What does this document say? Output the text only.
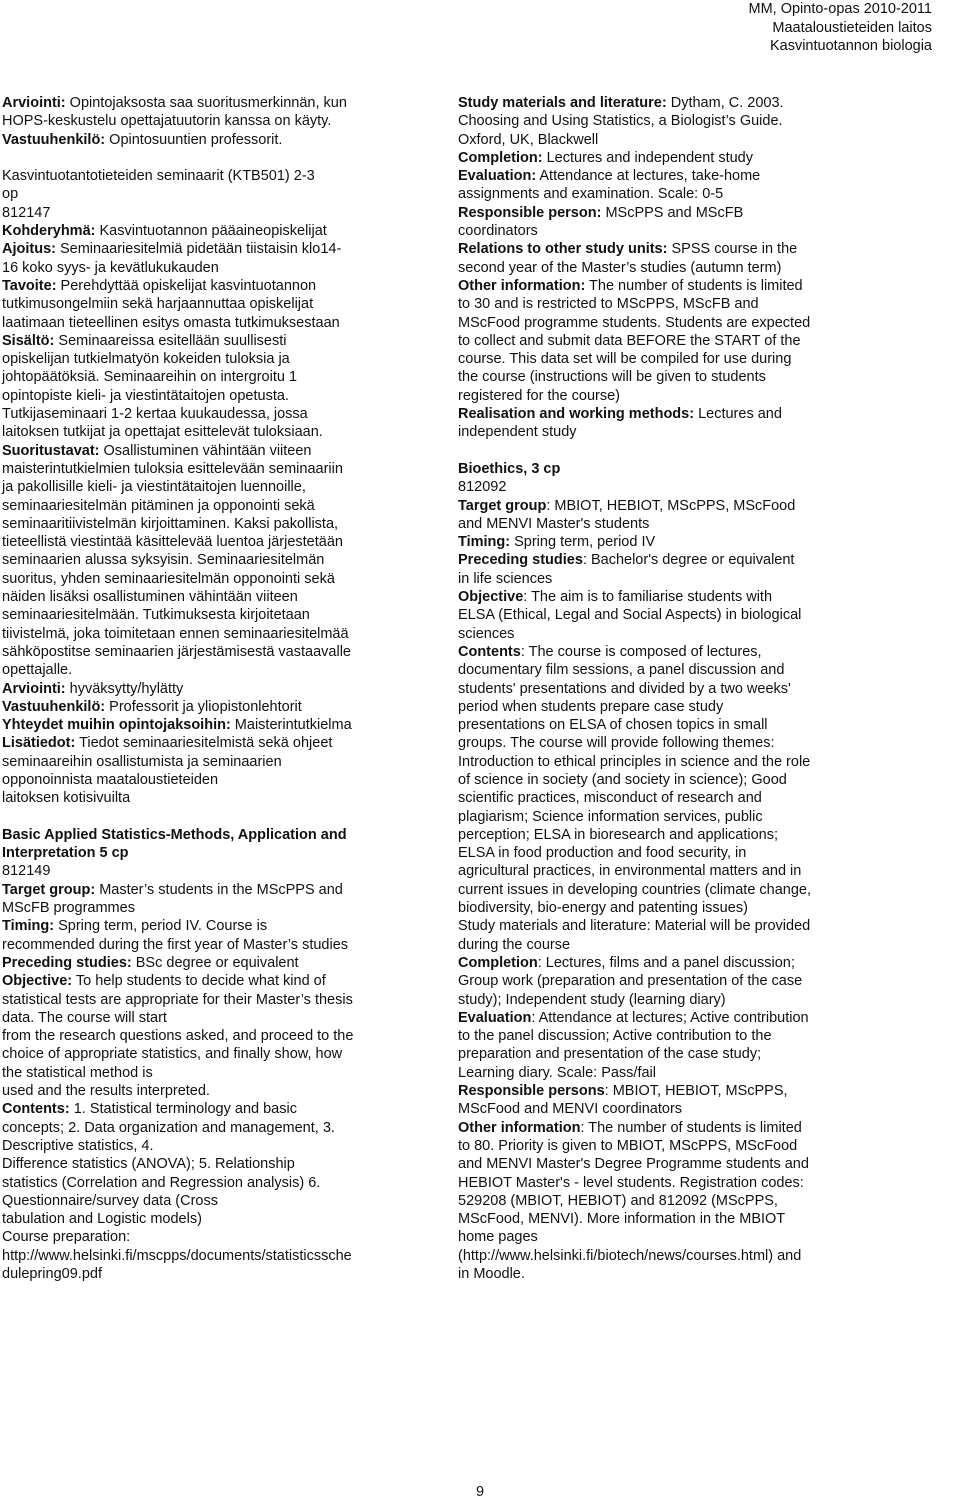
MM, Opinto-opas 2010-2011
Maataloustieteiden laitos
Kasvintuotannon biologia
Arviointi: Opintojaksosta saa suoritusmerkinnän, kun
HOPS-keskustelu opettajatuutorin kanssa on käyty.
Vastuuhenkilö: Opintosuuntien professorit.
Kasvintuotantotieteiden seminaarit (KTB501) 2-3
op
812147
Kohderyhmä: Kasvintuotannon pääaineopiskelijat
Ajoitus: Seminaariesitelmiä pidetään tiistaisin klo14-
16 koko syys- ja kevätlukukauden
Tavoite: Perehdyttää opiskelijat kasvintuotannon
tutkimusongelmiin sekä harjaannuttaa opiskelijat
laatimaan tieteellinen esitys omasta tutkimuksestaan
Sisältö: Seminaareissa esitellään suullisesti
opiskelijan tutkielmatyön kokeiden tuloksia ja
johtopäätöksiä. Seminaareihin on intergroitu 1
opintopiste kieli- ja viestintätaitojen opetusta.
Tutkijaseminaari 1-2 kertaa kuukaudessa, jossa
laitoksen tutkijat ja opettajat esittelevät tuloksiaan.
Suoritustavat: Osallistuminen vähintään viiteen
maisterintutkielmien tuloksia esittelevään seminaariin
ja pakollisille kieli- ja viestintätaitojen luennoille,
seminaariesitelmän pitäminen ja opponointi sekä
seminaaritiivistelmän kirjoittaminen. Kaksi pakollista,
tieteellistä viestintää käsittelevää luentoa järjestetään
seminaarien alussa syksyisin. Seminaariesitelmän
suoritus, yhden seminaariesitelmän opponointi sekä
näiden lisäksi osallistuminen vähintään viiteen
seminaariesitelmään. Tutkimuksesta kirjoitetaan
tiivistelmä, joka toimitetaan ennen seminaariesitelmää
sähköpostitse seminaarien järjestämisestä vastaavalle
opettajalle.
Arviointi: hyväksytty/hylätty
Vastuuhenkilö: Professorit ja yliopistonlehtorit
Yhteydet muihin opintojaksoihin: Maisterintutkielma
Lisätiedot: Tiedot seminaariesitelmistä sekä ohjeet
seminaareihin osallistumista ja seminaarien
opponoinnista maataloustieteiden
laitoksen kotisivuilta
Basic Applied Statistics-Methods, Application and
Interpretation 5 cp
812149
Target group: Master’s students in the MScPPS and
MScFB programmes
Timing: Spring term, period IV. Course is
recommended during the first year of Master’s studies
Preceding studies: BSc degree or equivalent
Objective: To help students to decide what kind of
statistical tests are appropriate for their Master’s thesis
data. The course will start
from the research questions asked, and proceed to the
choice of appropriate statistics, and finally show, how
the statistical method is
used and the results interpreted.
Contents: 1. Statistical terminology and basic
concepts; 2. Data organization and management, 3.
Descriptive statistics, 4.
Difference statistics (ANOVA); 5. Relationship
statistics (Correlation and Regression analysis) 6.
Questionnaire/survey data (Cross
tabulation and Logistic models)
Course preparation:
http://www.helsinki.fi/mscpps/documents/statisticssche
dulepring09.pdf
Study materials and literature: Dytham, C. 2003.
Choosing and Using Statistics, a Biologist’s Guide.
Oxford, UK, Blackwell
Completion: Lectures and independent study
Evaluation: Attendance at lectures, take-home
assignments and examination. Scale: 0-5
Responsible person: MScPPS and MScFB
coordinators
Relations to other study units: SPSS course in the
second year of the Master’s studies (autumn term)
Other information: The number of students is limited
to 30 and is restricted to MScPPS, MScFB and
MScFood programme students. Students are expected
to collect and submit data BEFORE the START of the
course. This data set will be compiled for use during
the course (instructions will be given to students
registered for the course)
Realisation and working methods: Lectures and
independent study
Bioethics, 3 cp
812092
Target group: MBIOT, HEBIOT, MScPPS, MScFood
and MENVI Master's students
Timing: Spring term, period IV
Preceding studies: Bachelor's degree or equivalent
in life sciences
Objective: The aim is to familiarise students with
ELSA (Ethical, Legal and Social Aspects) in biological
sciences
Contents: The course is composed of lectures,
documentary film sessions, a panel discussion and
students' presentations and divided by a two weeks'
period when students prepare case study
presentations on ELSA of chosen topics in small
groups. The course will provide following themes:
Introduction to ethical principles in science and the role
of science in society (and society in science); Good
scientific practices, misconduct of research and
plagiarism; Science information services, public
perception; ELSA in bioresearch and applications;
ELSA in food production and food security, in
agricultural practices, in environmental matters and in
current issues in developing countries (climate change,
biodiversity, bio-energy and patenting issues)
Study materials and literature: Material will be provided
during the course
Completion: Lectures, films and a panel discussion;
Group work (preparation and presentation of the case
study); Independent study (learning diary)
Evaluation: Attendance at lectures; Active contribution
to the panel discussion; Active contribution to the
preparation and presentation of the case study;
Learning diary. Scale: Pass/fail
Responsible persons: MBIOT, HEBIOT, MScPPS,
MScFood and MENVI coordinators
Other information: The number of students is limited
to 80. Priority is given to MBIOT, MScPPS, MScFood
and MENVI Master's Degree Programme students and
HEBIOT Master's - level students. Registration codes:
529208 (MBIOT, HEBIOT) and 812092 (MScPPS,
MScFood, MENVI). More information in the MBIOT
home pages
(http://www.helsinki.fi/biotech/news/courses.html) and
in Moodle.
9
